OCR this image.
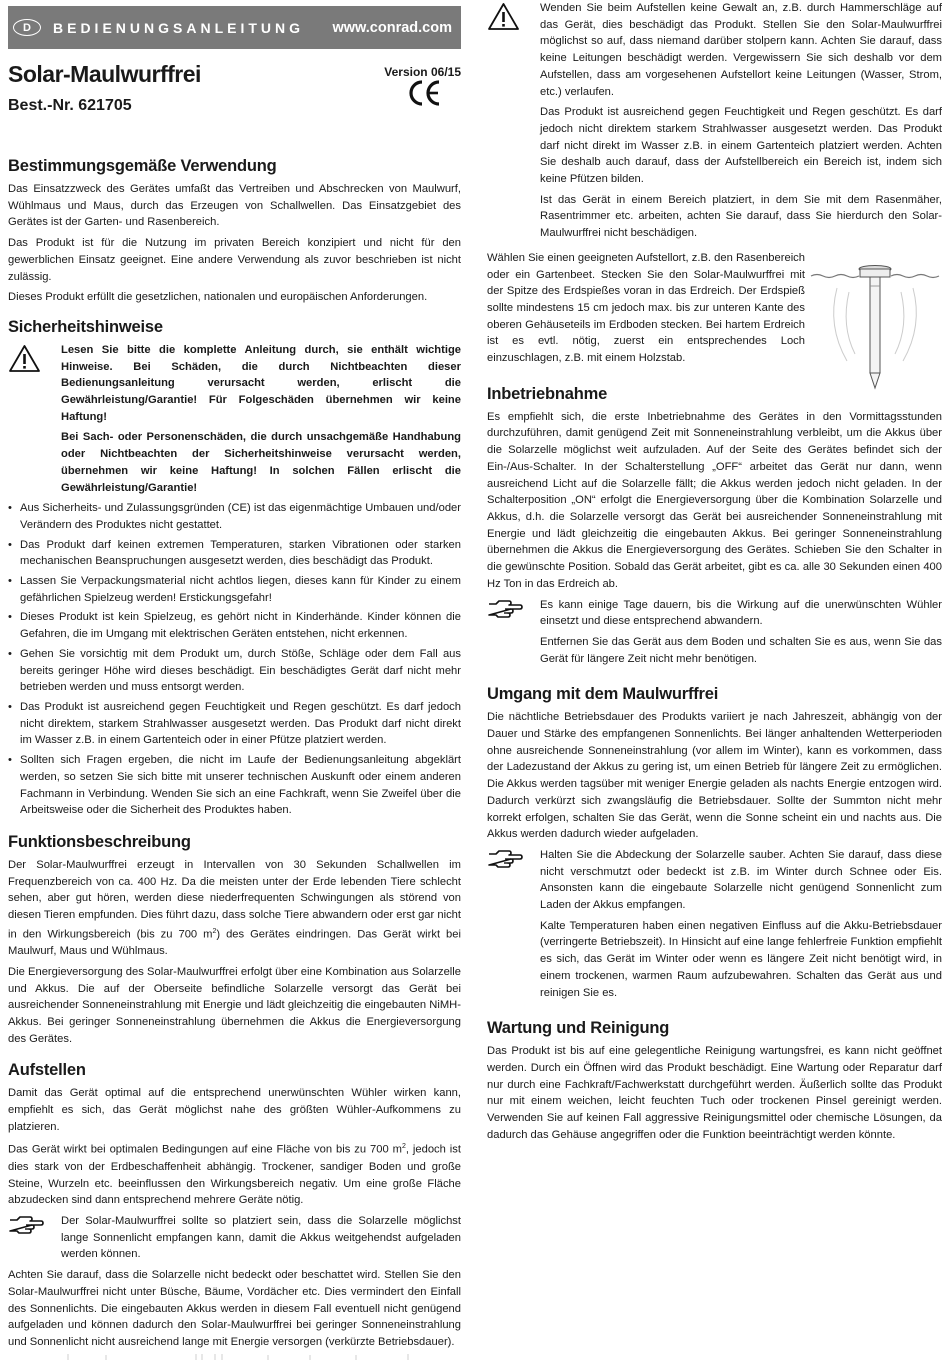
D	BEDIENUNGSANLEITUNG	www.conrad.com
Solar-Maulwurffrei
Best.-Nr. 621705
Version 06/15
Bestimmungsgemäße Verwendung

Das Einsatzzweck des Gerätes umfaßt das Vertreiben und Abschrecken von Maulwurf, Wühlmaus und Maus, durch das Erzeugen von Schallwellen. Das Einsatzgebiet des Gerätes ist der Garten- und Rasenbereich.

Das Produkt ist für die Nutzung im privaten Bereich konzipiert und nicht für den gewerblichen Einsatz geeignet. Eine andere Verwendung als zuvor beschrieben ist nicht zulässig.

Dieses Produkt erfüllt die gesetzlichen, nationalen und europäischen Anforderungen.

Sicherheitshinweise

Lesen Sie bitte die komplette Anleitung durch, sie enthält wichtige Hinweise. Bei Schäden, die durch Nichtbeachten dieser Bedienungsanleitung verursacht werden, erlischt die Gewährleistung/Garantie! Für Folgeschäden übernehmen wir keine Haftung!

Bei Sach- oder Personenschäden, die durch unsachgemäße Handhabung oder Nichtbeachten der Sicherheitshinweise verursacht werden, übernehmen wir keine Haftung! In solchen Fällen erlischt die Gewährleistung/Garantie!

• Aus Sicherheits- und Zulassungsgründen (CE) ist das eigenmächtige Umbauen und/oder Verändern des Produktes nicht gestattet.
• Das Produkt darf keinen extremen Temperaturen, starken Vibrationen oder starken mechanischen Beanspruchungen ausgesetzt werden, dies beschädigt das Produkt.
• Lassen Sie Verpackungsmaterial nicht achtlos liegen, dieses kann für Kinder zu einem gefährlichen Spielzeug werden! Erstickungsgefahr!
• Dieses Produkt ist kein Spielzeug, es gehört nicht in Kinderhände. Kinder können die Gefahren, die im Umgang mit elektrischen Geräten entstehen, nicht erkennen.
• Gehen Sie vorsichtig mit dem Produkt um, durch Stöße, Schläge oder dem Fall aus bereits geringer Höhe wird dieses beschädigt. Ein beschädigtes Gerät darf nicht mehr betrieben werden und muss entsorgt werden.
• Das Produkt ist ausreichend gegen Feuchtigkeit und Regen geschützt. Es darf jedoch nicht direktem, starkem Strahlwasser ausgesetzt werden. Das Produkt darf nicht direkt im Wasser z.B. in einem Gartenteich oder in einer Pfütze platziert werden.
• Sollten sich Fragen ergeben, die nicht im Laufe der Bedienungsanleitung abgeklärt werden, so setzen Sie sich bitte mit unserer technischen Auskunft oder einem anderen Fachmann in Verbindung. Wenden Sie sich an eine Fachkraft, wenn Sie Zweifel über die Arbeitsweise oder die Sicherheit des Produktes haben.
Funktionsbeschreibung

Der Solar-Maulwurffrei erzeugt in Intervallen von 30 Sekunden Schallwellen im Frequenzbereich von ca. 400 Hz. Da die meisten unter der Erde lebenden Tiere schlecht sehen, aber gut hören, werden diese niederfrequenten Schwingungen als störend von diesen Tieren empfunden. Dies führt dazu, dass solche Tiere abwandern oder erst gar nicht in den Wirkungsbereich (bis zu 700 $m^2$) des Gerätes eindringen. Das Gerät wirkt bei Maulwurf, Maus und Wühlmaus.

Die Energieversorgung des Solar-Maulwurffrei erfolgt über eine Kombination aus Solarzelle und Akkus. Die auf der Oberseite befindliche Solarzelle versorgt das Gerät bei ausreichender Sonneneinstrahlung mit Energie und lädt gleichzeitig die eingebauten NiMH-Akkus. Bei geringer Sonneneinstrahlung übernehmen die Akkus die Energieversorgung des Gerätes.

Aufstellen

Damit das Gerät optimal auf die entsprechend unerwünschten Wühler wirken kann, empfiehlt es sich, das Gerät möglichst nahe des größten Wühler-Aufkommens zu platzieren.

Das Gerät wirkt bei optimalen Bedingungen auf eine Fläche von bis zu 700 $m^2$, jedoch ist dies stark von der Erdbeschaffenheit abhängig. Trockener, sandiger Boden und große Steine, Wurzeln etc. beeinflussen den Wirkungsbereich negativ. Um eine große Fläche abzudecken sind dann entsprechend mehrere Geräte nötig.

Der Solar-Maulwurffrei sollte so platziert sein, dass die Solarzelle möglichst lange Sonnenlicht empfangen kann, damit die Akkus weitgehendst aufgeladen werden können.

Achten Sie darauf, dass die Solarzelle nicht bedeckt oder beschattet wird. Stellen Sie den Solar-Maulwurffrei nicht unter Büsche, Bäume, Vordächer etc. Dies vermindert den Einfall des Sonnenlichts. Die eingebauten Akkus werden in diesem Fall eventuell nicht genügend aufgeladen und können dadurch den Solar-Maulwurffrei bei geringer Sonneneinstrahlung und Sonnenlicht nicht ausreichend lange mit Energie versorgen (verkürzte Betriebsdauer).

Wenden Sie beim Aufstellen keine Gewalt an, z.B. durch Hammerschläge auf das Gerät, dies beschädigt das Produkt. Stellen Sie den Solar-Maulwurffrei möglichst so auf, dass niemand darüber stolpern kann. Achten Sie darauf, dass keine Leitungen beschädigt werden. Vergewissern Sie sich deshalb vor dem Aufstellen, dass am vorgesehenen Aufstellort keine Leitungen (Wasser, Strom, etc.) verlaufen.

Das Produkt ist ausreichend gegen Feuchtigkeit und Regen geschützt. Es darf jedoch nicht direktem starkem Strahlwasser ausgesetzt werden. Das Produkt darf nicht direkt im Wasser z.B. in einem Gartenteich platziert werden. Achten Sie deshalb auch darauf, dass der Aufstellbereich ein Bereich ist, indem sich keine Pfützen bilden.

Ist das Gerät in einem Bereich platziert, in dem Sie mit dem Rasenmäher, Rasentrimmer etc. arbeiten, achten Sie darauf, dass Sie hierdurch den Solar-Maulwurffrei nicht beschädigen.

Wählen Sie einen geeigneten Aufstellort, z.B. den Rasenbereich oder ein Gartenbeet. Stecken Sie den Solar-Maulwurffrei mit der Spitze des Erdspießes voran in das Erdreich. Der Erdspieß sollte mindestens 15 cm jedoch max. bis zur unteren Kante des oberen Gehäuseteils im Erdboden stecken. Bei hartem Erdreich ist es evtl. nötig, zuerst ein entsprechendes Loch einzuschlagen, z.B. mit einem Holzstab.

Inbetriebnahme

Es empfiehlt sich, die erste Inbetriebnahme des Gerätes in den Vormittagsstunden durchzuführen, damit genügend Zeit mit Sonneneinstrahlung verbleibt, um die Akkus über die Solarzelle möglichst weit aufzuladen. Auf der Seite des Gerätes befindet sich der Ein-/Aus-Schalter. In der Schalterstellung „OFF“ arbeitet das Gerät nur dann, wenn ausreichend Licht auf die Solarzelle fällt; die Akkus werden jedoch nicht geladen. In der Schalterposition „ON“ erfolgt die Energieversorgung über die Kombination Solarzelle und Akkus, d.h. die Solarzelle versorgt das Gerät bei ausreichender Sonneneinstrahlung mit Energie und lädt gleichzeitig die eingebauten Akkus. Bei geringer Sonneneinstrahlung übernehmen die Akkus die Energieversorgung des Gerätes. Schieben Sie den Schalter in die gewünschte Position. Sobald das Gerät arbeitet, gibt es ca. alle 30 Sekunden einen 400 Hz Ton in das Erdreich ab.

Es kann einige Tage dauern, bis die Wirkung auf die unerwünschten Wühler einsetzt und diese entsprechend abwandern.

Entfernen Sie das Gerät aus dem Boden und schalten Sie es aus, wenn Sie das Gerät für längere Zeit nicht mehr benötigen.

Umgang mit dem Maulwurffrei

Die nächtliche Betriebsdauer des Produkts variiert je nach Jahreszeit, abhängig von der Dauer und Stärke des empfangenen Sonnenlichts. Bei länger anhaltenden Wetterperioden ohne ausreichende Sonneneinstrahlung (vor allem im Winter), kann es vorkommen, dass der Ladezustand der Akkus zu gering ist, um einen Betrieb für längere Zeit zu ermöglichen. Die Akkus werden tagsüber mit weniger Energie geladen als nachts Energie entzogen wird. Dadurch verkürzt sich zwangsläufig die Betriebsdauer. Sollte der Summton nicht mehr korrekt erfolgen, schalten Sie das Gerät, wenn die Sonne scheint ein und nachts aus. Die Akkus werden dadurch wieder aufgeladen.

Halten Sie die Abdeckung der Solarzelle sauber. Achten Sie darauf, dass diese nicht verschmutzt oder bedeckt ist z.B. im Winter durch Schnee oder Eis. Ansonsten kann die eingebaute Solarzelle nicht genügend Sonnenlicht zum Laden der Akkus empfangen.

Kalte Temperaturen haben einen negativen Einfluss auf die Akku-Betriebsdauer (verringerte Betriebszeit). In Hinsicht auf eine lange fehlerfreie Funktion empfiehlt es sich, das Gerät im Winter oder wenn es längere Zeit nicht benötigt wird, in einem trockenen, warmen Raum aufzubewahren. Schalten das Gerät aus und reinigen Sie es.

Wartung und Reinigung

Das Produkt ist bis auf eine gelegentliche Reinigung wartungsfrei, es kann nicht geöffnet werden. Durch ein Öffnen wird das Produkt beschädigt. Eine Wartung oder Reparatur darf nur durch eine Fachkraft/Fachwerkstatt durchgeführt werden. Äußerlich sollte das Produkt nur mit einem weichen, leicht feuchten Tuch oder trockenen Pinsel gereinigt werden. Verwenden Sie auf keinen Fall aggressive Reinigungsmittel oder chemische Lösungen, da dadurch das Gehäuse angegriffen oder die Funktion beeinträchtigt werden könnte.
